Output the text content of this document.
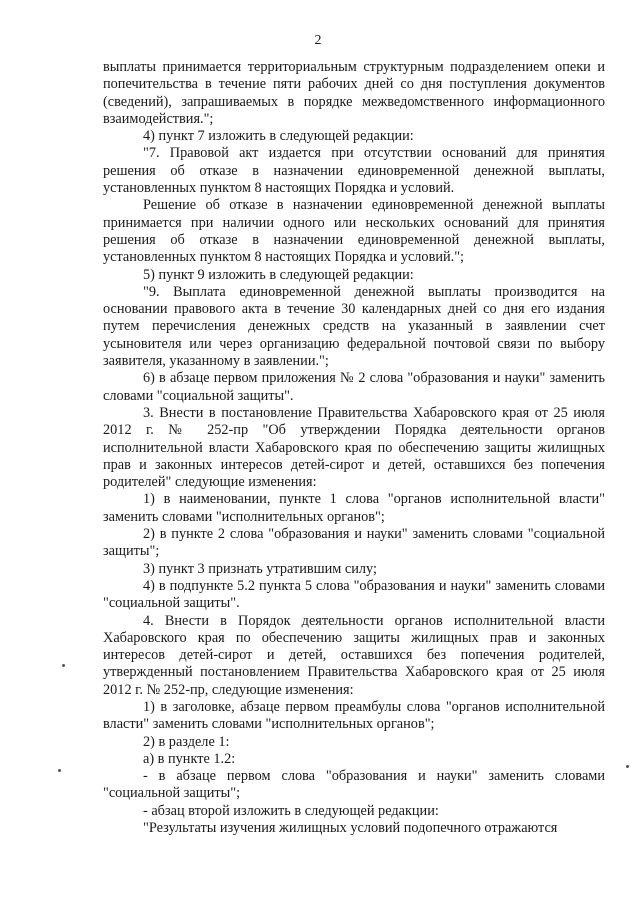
2

выплаты принимается территориальным структурным подразделением опеки и попечительства в течение пяти рабочих дней со дня поступления документов (сведений), запрашиваемых в порядке межведомственного информационного взаимодействия.";

4) пункт 7 изложить в следующей редакции:

"7. Правовой акт издается при отсутствии оснований для принятия решения об отказе в назначении единовременной денежной выплаты, установленных пунктом 8 настоящих Порядка и условий.

Решение об отказе в назначении единовременной денежной выплаты принимается при наличии одного или нескольких оснований для принятия решения об отказе в назначении единовременной денежной выплаты, установленных пунктом 8 настоящих Порядка и условий.";

5) пункт 9 изложить в следующей редакции:

"9. Выплата единовременной денежной выплаты производится на основании правового акта в течение 30 календарных дней со дня его издания путем перечисления денежных средств на указанный в заявлении счет усыновителя или через организацию федеральной почтовой связи по выбору заявителя, указанному в заявлении.";

6) в абзаце первом приложения № 2 слова "образования и науки" заменить словами "социальной защиты".

3. Внести в постановление Правительства Хабаровского края от 25 июля 2012 г. № 252-пр "Об утверждении Порядка деятельности органов исполнительной власти Хабаровского края по обеспечению защиты жилищных прав и законных интересов детей-сирот и детей, оставшихся без попечения родителей" следующие изменения:

1) в наименовании, пункте 1 слова "органов исполнительной власти" заменить словами "исполнительных органов";

2) в пункте 2 слова "образования и науки" заменить словами "социальной защиты";

3) пункт 3 признать утратившим силу;

4) в подпункте 5.2 пункта 5 слова "образования и науки" заменить словами "социальной защиты".

4. Внести в Порядок деятельности органов исполнительной власти Хабаровского края по обеспечению защиты жилищных прав и законных интересов детей-сирот и детей, оставшихся без попечения родителей, утвержденный постановлением Правительства Хабаровского края от 25 июля 2012 г. № 252-пр, следующие изменения:

1) в заголовке, абзаце первом преамбулы слова "органов исполнительной власти" заменить словами "исполнительных органов";

2) в разделе 1:

а) в пункте 1.2:

- в абзаце первом слова "образования и науки" заменить словами "социальной защиты";

- абзац второй изложить в следующей редакции:

"Результаты изучения жилищных условий подопечного отражаются
